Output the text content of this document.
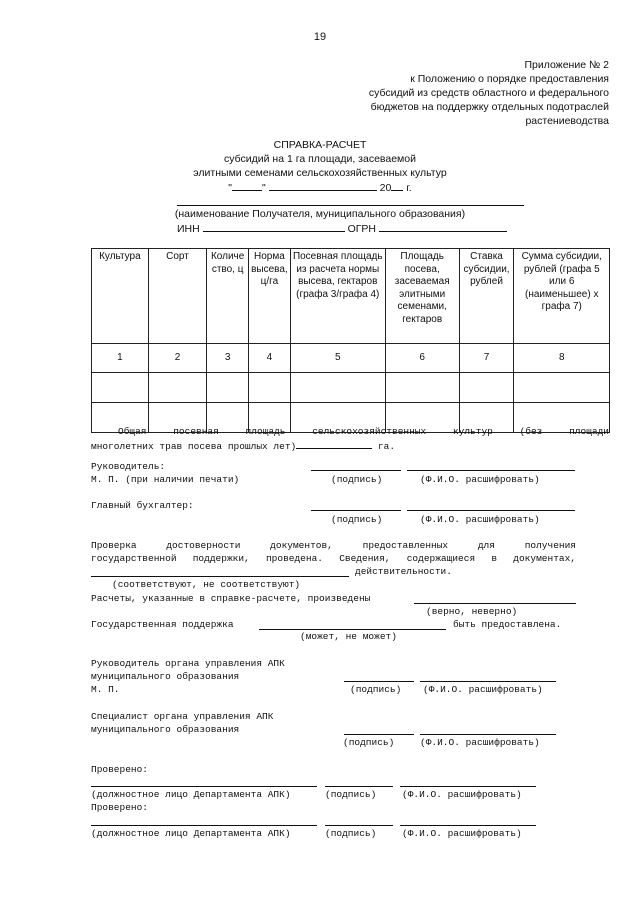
19
Приложение № 2
к Положению о порядке предоставления
субсидий из средств областного и федерального
бюджетов на поддержку отдельных подотраслей
растениеводства
СПРАВКА-РАСЧЕТ
субсидий на 1 га площади, засеваемой
элитными семенами сельскохозяйственных культур
"	"	20 г.
(наименование Получателя, муниципального образования)
ИНН	ОГРН
Культура	Сорт	Количе ство, ц	Норма высева, ц/га	Посевная площадь из расчета нормы высева, гектаров (графа 3/графа 4)	Площадь посева, засеваемая элитными семенами, гектаров	Ставка субсидии, рублей	Сумма субсидии, рублей (графа 5 или 6 (наименьшее) х графа 7)
1	2	3	4	5	6	7	8

Общая посевная площадь сельскохозяйственных культур (без площади
многолетних трав посева прошлых лет)	га.
Руководитель:
М. П. (при наличии печати)	(подпись)	(Ф.И.О. расшифровать)
Главный бухгалтер:
(подпись)	(Ф.И.О. расшифровать)
Проверка достоверности документов, предоставленных для получения
государственной поддержки, проведена. Сведения, содержащиеся в документах,
действительности.
(соответствуют, не соответствуют)
Расчеты, указанные в справке-расчете, произведены
(верно, неверно)
Государственная поддержка	быть предоставлена.
(может, не может)
Руководитель органа управления АПК
муниципального образования
М. П.	(подпись) (Ф.И.О. расшифровать)
Специалист органа управления АПК
муниципального образования
(подпись)	(Ф.И.О. расшифровать)
Проверено:
(должностное лицо Департамента АПК)	(подпись)	(Ф.И.О. расшифровать)
Проверено:
(должностное лицо Департамента АПК)	(подпись)	(Ф.И.О. расшифровать)
